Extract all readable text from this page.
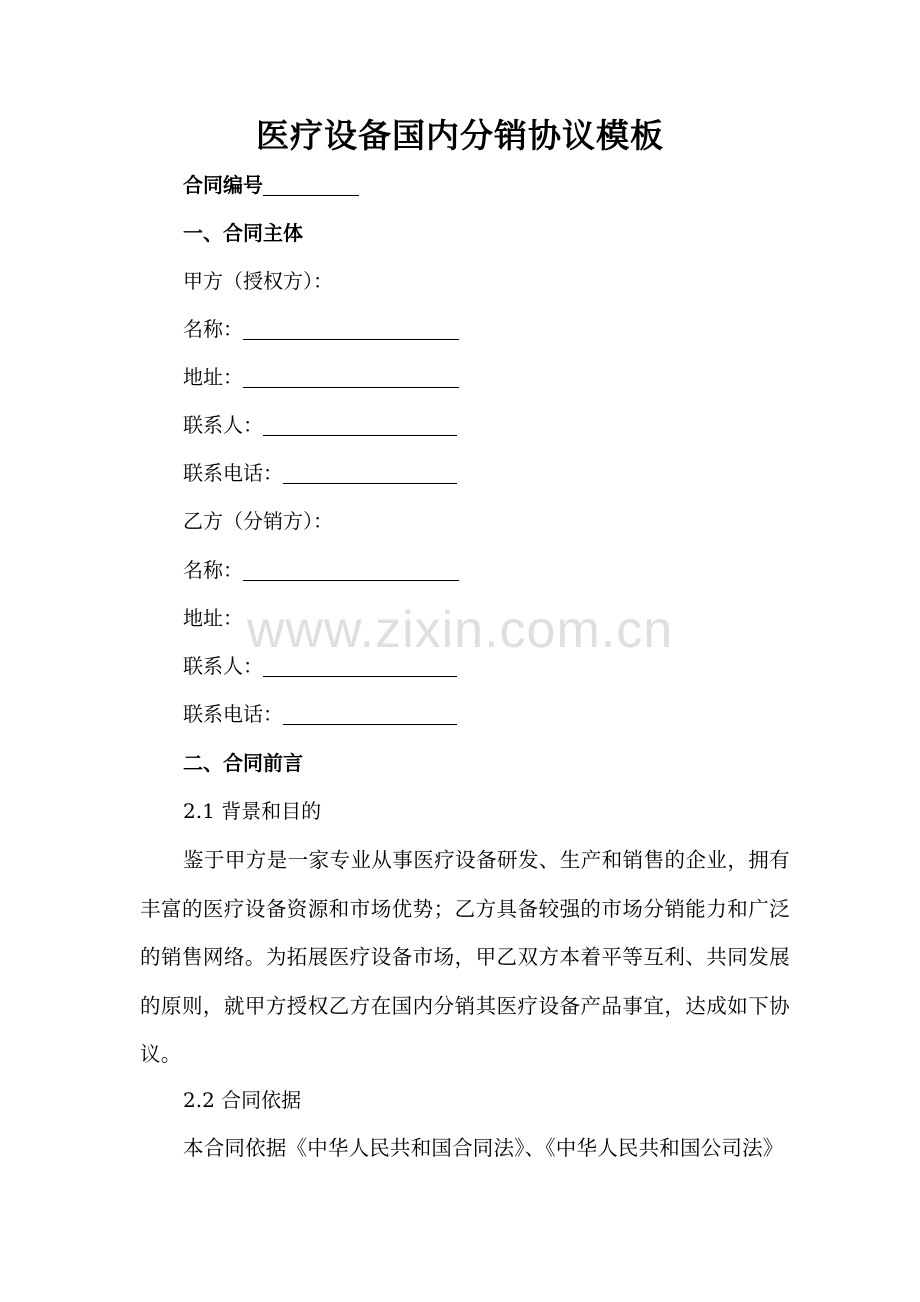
医疗设备国内分销协议模板
合同编号
一、合同主体
甲方（授权方）：
名称：
地址：
联系人：
联系电话：
乙方（分销方）：
名称：
地址：
联系人：
联系电话：
二、合同前言
2.1 背景和目的
鉴于甲方是一家专业从事医疗设备研发、生产和销售的企业，拥有丰富的医疗设备资源和市场优势；乙方具备较强的市场分销能力和广泛的销售网络。为拓展医疗设备市场，甲乙双方本着平等互利、共同发展的原则，就甲方授权乙方在国内分销其医疗设备产品事宜，达成如下协议。
2.2 合同依据
本合同依据《中华人民共和国合同法》、《中华人民共和国公司法》
www.zixin.com.cn
